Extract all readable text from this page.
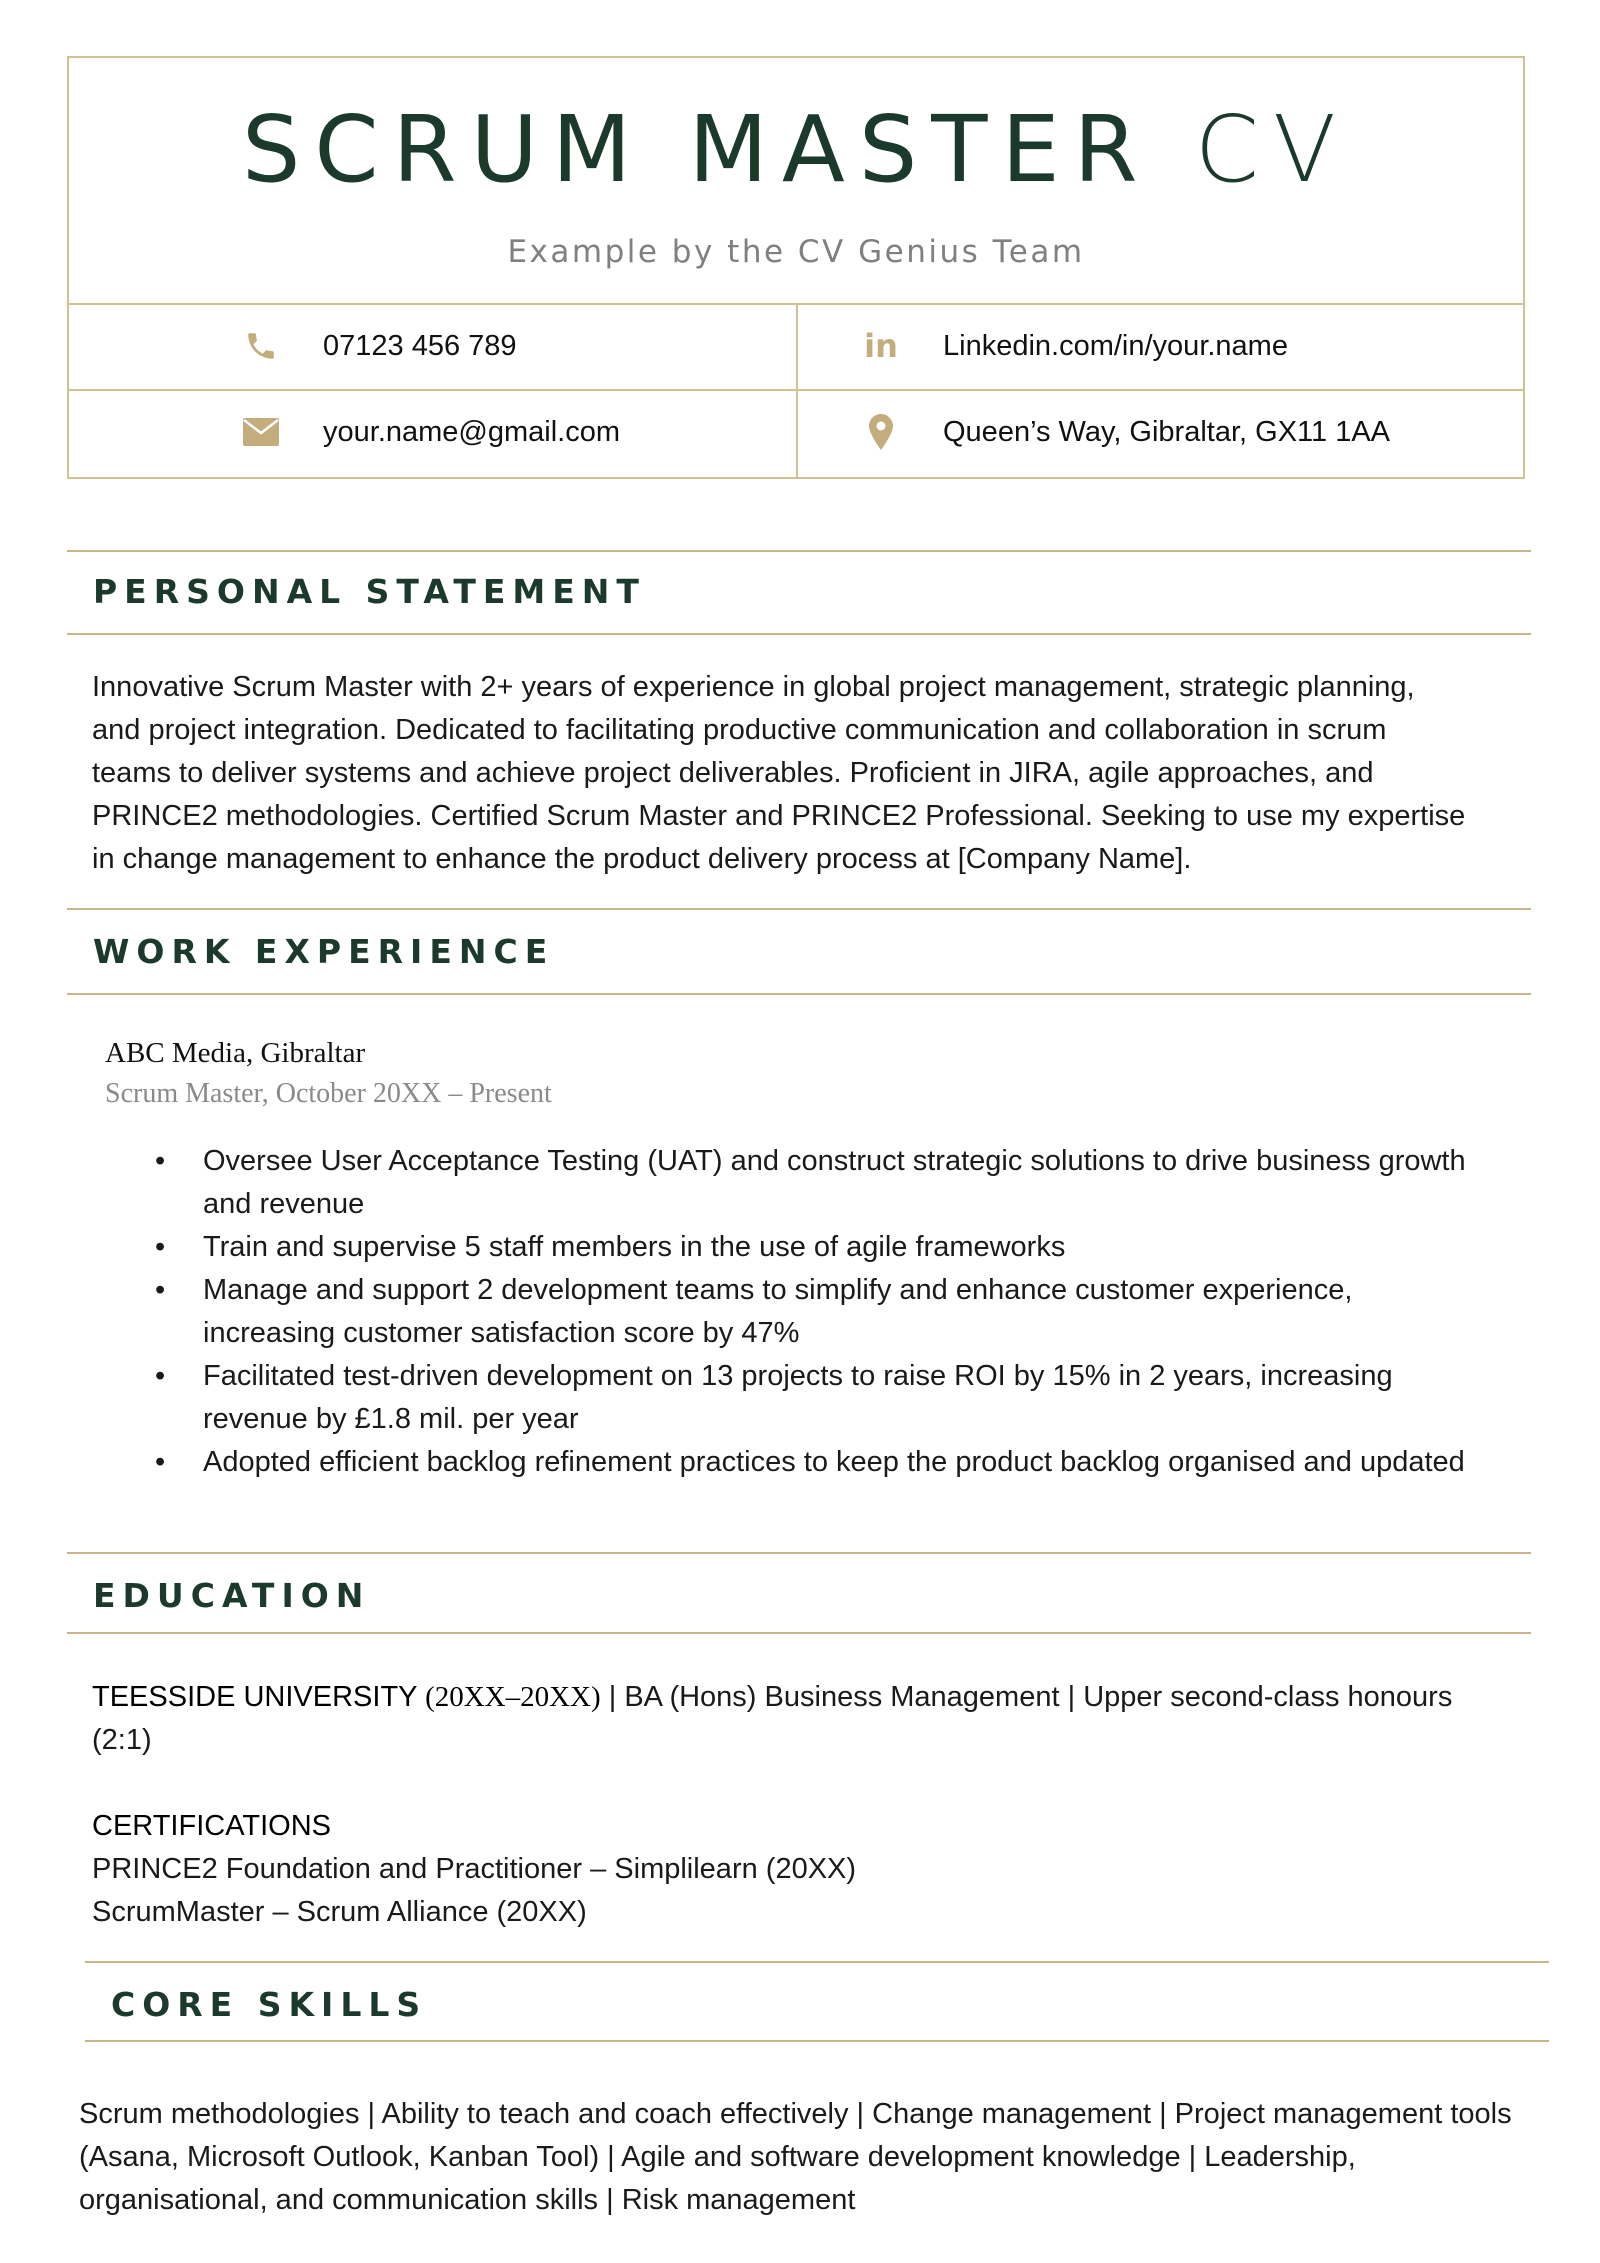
SCRUM MASTER CV
Example by the CV Genius Team
07123 456 789	in Linkedin.com/in/your.name
your.name@gmail.com	Queen’s Way, Gibraltar, GX11 1AA
PERSONAL STATEMENT
Innovative Scrum Master with 2+ years of experience in global project management, strategic planning,
and project integration. Dedicated to facilitating productive communication and collaboration in scrum
teams to deliver systems and achieve project deliverables. Proficient in JIRA, agile approaches, and
PRINCE2 methodologies. Certified Scrum Master and PRINCE2 Professional. Seeking to use my expertise
in change management to enhance the product delivery process at [Company Name].
WORK EXPERIENCE
ABC Media, Gibraltar
Scrum Master, October 20XX – Present
• Oversee User Acceptance Testing (UAT) and construct strategic solutions to drive business growth and revenue
• Train and supervise 5 staff members in the use of agile frameworks
• Manage and support 2 development teams to simplify and enhance customer experience, increasing customer satisfaction score by 47%
• Facilitated test-driven development on 13 projects to raise ROI by 15% in 2 years, increasing revenue by £1.8 mil. per year
• Adopted efficient backlog refinement practices to keep the product backlog organised and updated
EDUCATION
TEESSIDE UNIVERSITY (20XX–20XX) | BA (Hons) Business Management | Upper second-class honours (2:1)
CERTIFICATIONS
PRINCE2 Foundation and Practitioner – Simplilearn (20XX)
ScrumMaster – Scrum Alliance (20XX)
CORE SKILLS
Scrum methodologies | Ability to teach and coach effectively | Change management | Project management tools (Asana, Microsoft Outlook, Kanban Tool) | Agile and software development knowledge | Leadership, organisational, and communication skills | Risk management
